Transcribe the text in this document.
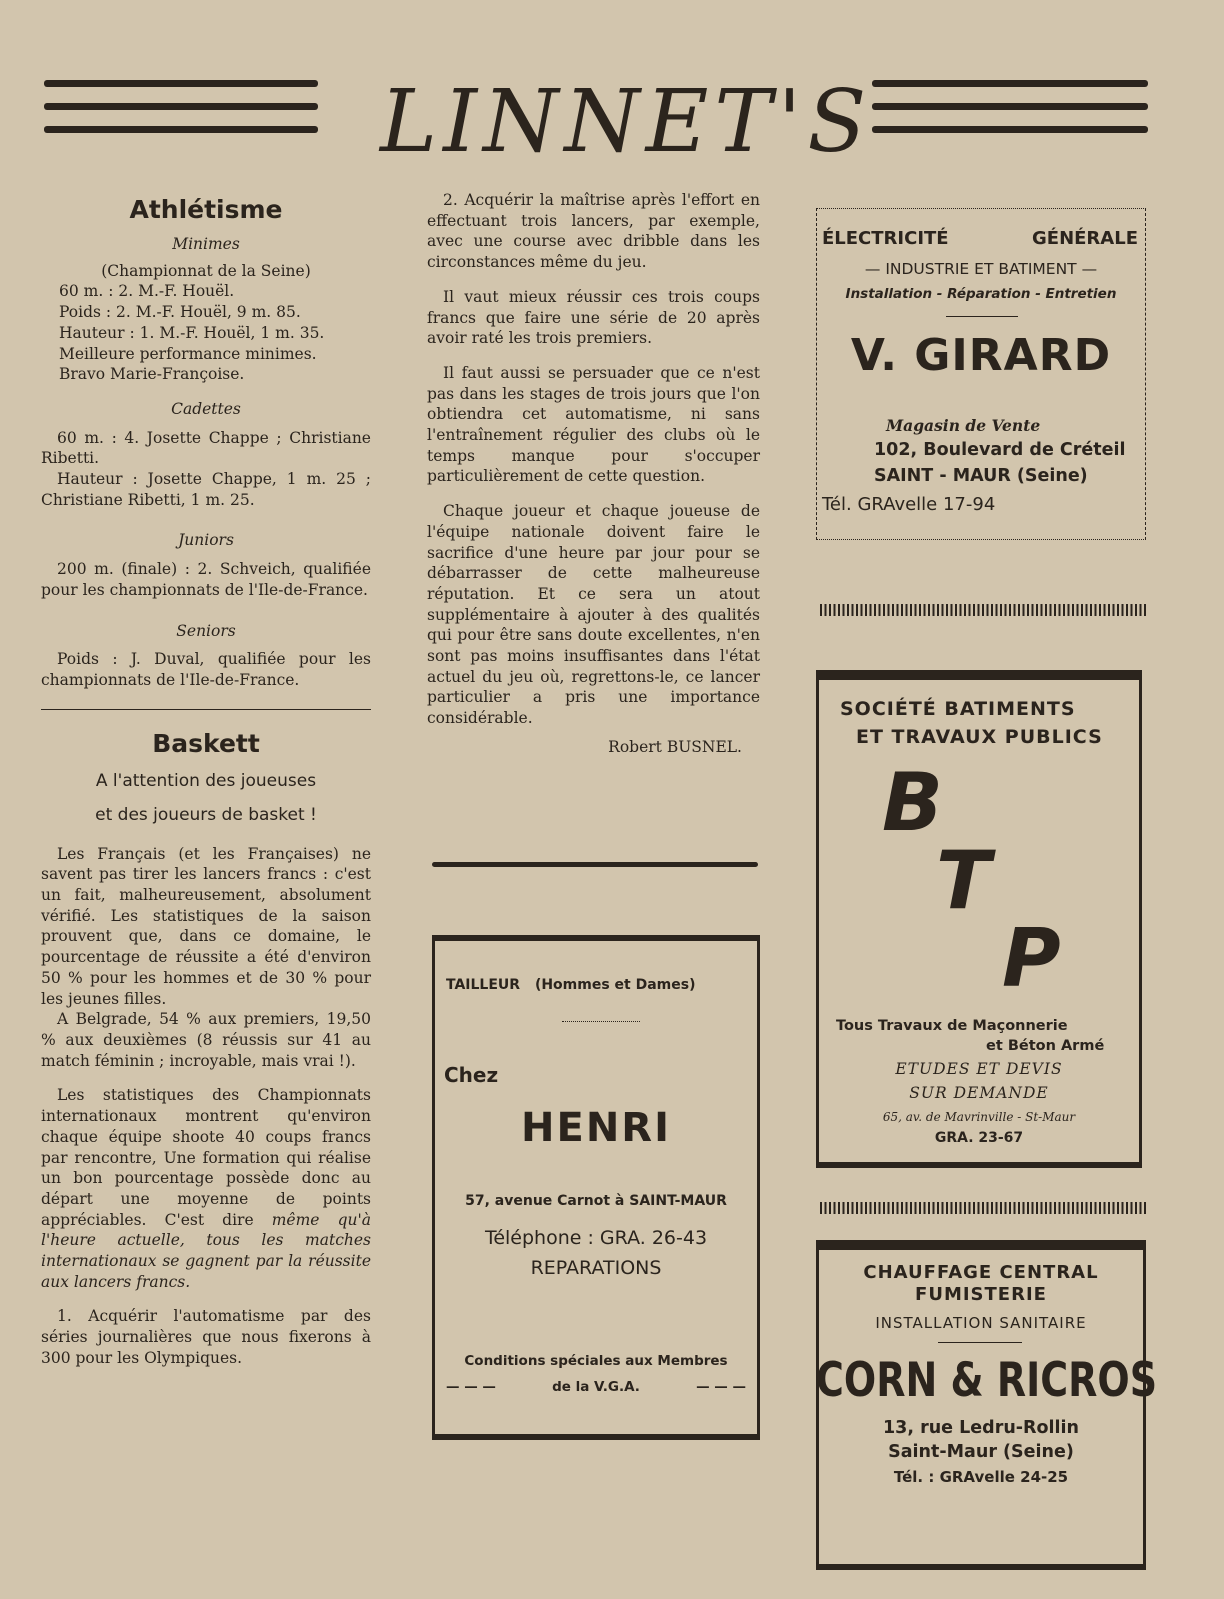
LINNET'S
Athlétisme

Minimes

(Championnat de la Seine)

60 m. : 2. M.-F. Houël.

Poids : 2. M.-F. Houël, 9 m. 85.

Hauteur : 1. M.-F. Houël, 1 m. 35.

Meilleure performance minimes.

Bravo Marie-Françoise.

Cadettes

60 m. : 4. Josette Chappe ; Christiane Ribetti.

Hauteur : Josette Chappe, 1 m. 25 ; Christiane Ribetti, 1 m. 25.

Juniors

200 m. (finale) : 2. Schveich, qualifiée pour les championnats de l'Ile-de-France.

Seniors

Poids : J. Duval, qualifiée pour les championnats de l'Ile-de-France.

Baskett
A l'attention des joueuses
et des joueurs de basket !

Les Français (et les Françaises) ne savent pas tirer les lancers francs : c'est un fait, malheureusement, absolument vérifié. Les statistiques de la saison prouvent que, dans ce domaine, le pourcentage de réussite a été d'environ 50 % pour les hommes et de 30 % pour les jeunes filles.

A Belgrade, 54 % aux premiers, 19,50 % aux deuxièmes (8 réussis sur 41 au match féminin ; incroyable, mais vrai !).

Les statistiques des Championnats internationaux montrent qu'environ chaque équipe shoote 40 coups francs par rencontre, Une formation qui réalise un bon pourcentage possède donc au départ une moyenne de points appréciables. C'est dire même qu'à l'heure actuelle, tous les matches internationaux se gagnent par la réussite aux lancers francs.

1. Acquérir l'automatisme par des séries journalières que nous fixerons à 300 pour les Olympiques.

2. Acquérir la maîtrise après l'effort en effectuant trois lancers, par exemple, avec une course avec dribble dans les circonstances même du jeu.

Il vaut mieux réussir ces trois coups francs que faire une série de 20 après avoir raté les trois premiers.

Il faut aussi se persuader que ce n'est pas dans les stages de trois jours que l'on obtiendra cet automatisme, ni sans l'entraînement régulier des clubs où le temps manque pour s'occuper particulièrement de cette question.

Chaque joueur et chaque joueuse de l'équipe nationale doivent faire le sacrifice d'une heure par jour pour se débarrasser de cette malheureuse réputation. Et ce sera un atout supplémentaire à ajouter à des qualités qui pour être sans doute excellentes, n'en sont pas moins insuffisantes dans l'état actuel du jeu où, regrettons-le, ce lancer particulier a pris une importance considérable.

Robert BUSNEL.

TAILLEUR (Hommes et Dames)
Chez
HENRI
57, avenue Carnot à SAINT-MAUR
Téléphone : GRA. 26-43
REPARATIONS
Conditions spéciales aux Membres
— — —	de la V.G.A.	— — —
ÉLECTRICITÉ	GÉNÉRALE
— INDUSTRIE ET BATIMENT —
Installation - Réparation - Entretien
V. GIRARD
Magasin de Vente
102, Boulevard de Créteil
SAINT - MAUR (Seine)
Tél. GRAvelle 17-94
SOCIÉTÉ BATIMENTS
ET TRAVAUX PUBLICS
B
T
P
Tous Travaux de Maçonnerie
et Béton Armé
ETUDES ET DEVIS
SUR DEMANDE
65, av. de Mavrinville - St-Maur
GRA. 23-67
CHAUFFAGE CENTRAL
FUMISTERIE
INSTALLATION SANITAIRE
CORN & RICROS
13, rue Ledru-Rollin
Saint-Maur (Seine)
Tél. : GRAvelle 24-25
